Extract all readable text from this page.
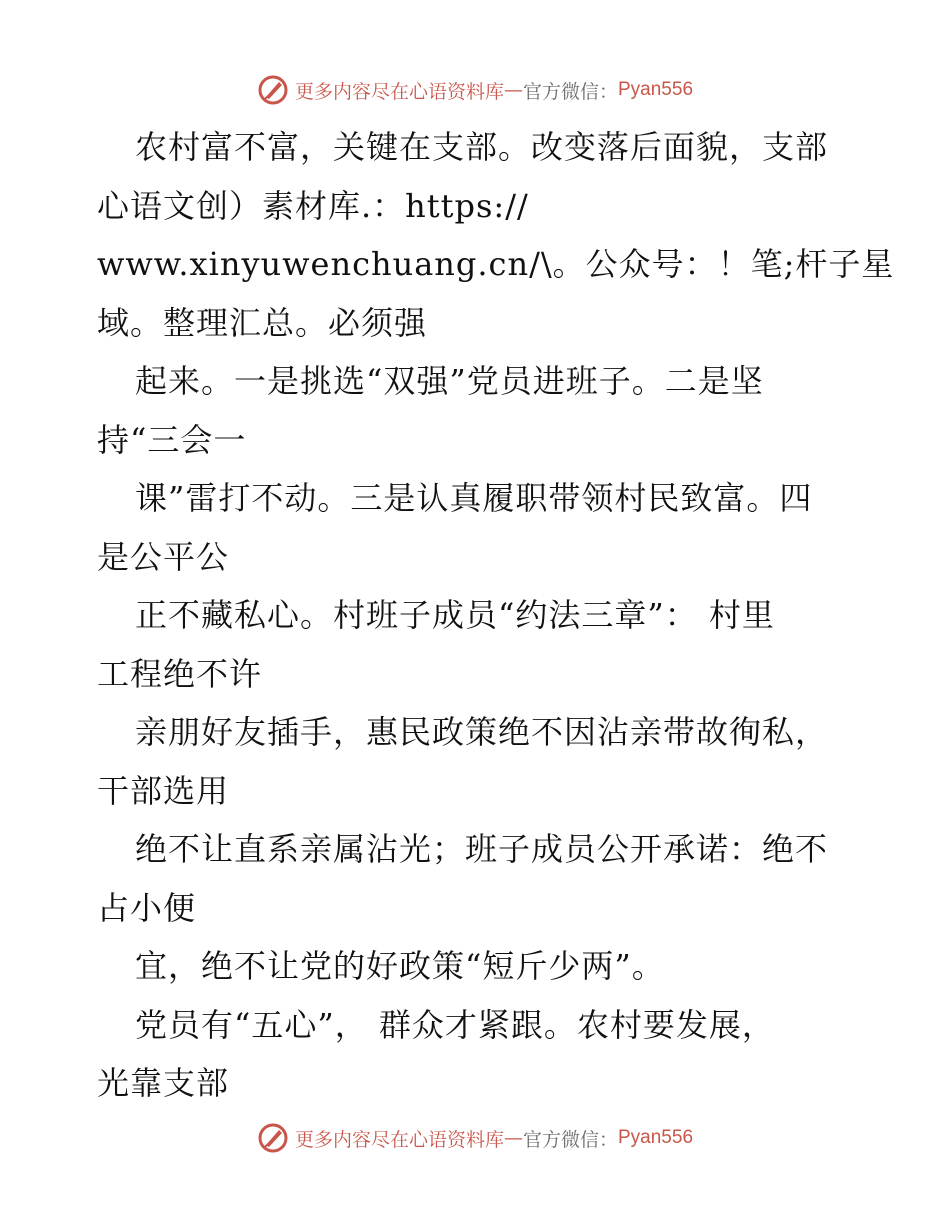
更多内容尽在心语资料库 — 官方微信： Pyan556
农村富不富，关键在支部。改变落后面貌，支部
心语文创）素材库.：https://
www.xinyuwenchuang.cn/\。公众号：！笔;杆子星
域。整理汇总。必须强
起来。一是挑选“双强”党员进班子。二是坚
持“三会一
课”雷打不动。三是认真履职带领村民致富。四
是公平公
正不藏私心。村班子成员“约法三章”： 村里
工程绝不许
亲朋好友插手，惠民政策绝不因沾亲带故徇私，
干部选用
绝不让直系亲属沾光；班子成员公开承诺：绝不
占小便
宜，绝不让党的好政策“短斤少两”。
党员有“五心”， 群众才紧跟。农村要发展，
光靠支部
更多内容尽在心语资料库 — 官方微信： Pyan556
